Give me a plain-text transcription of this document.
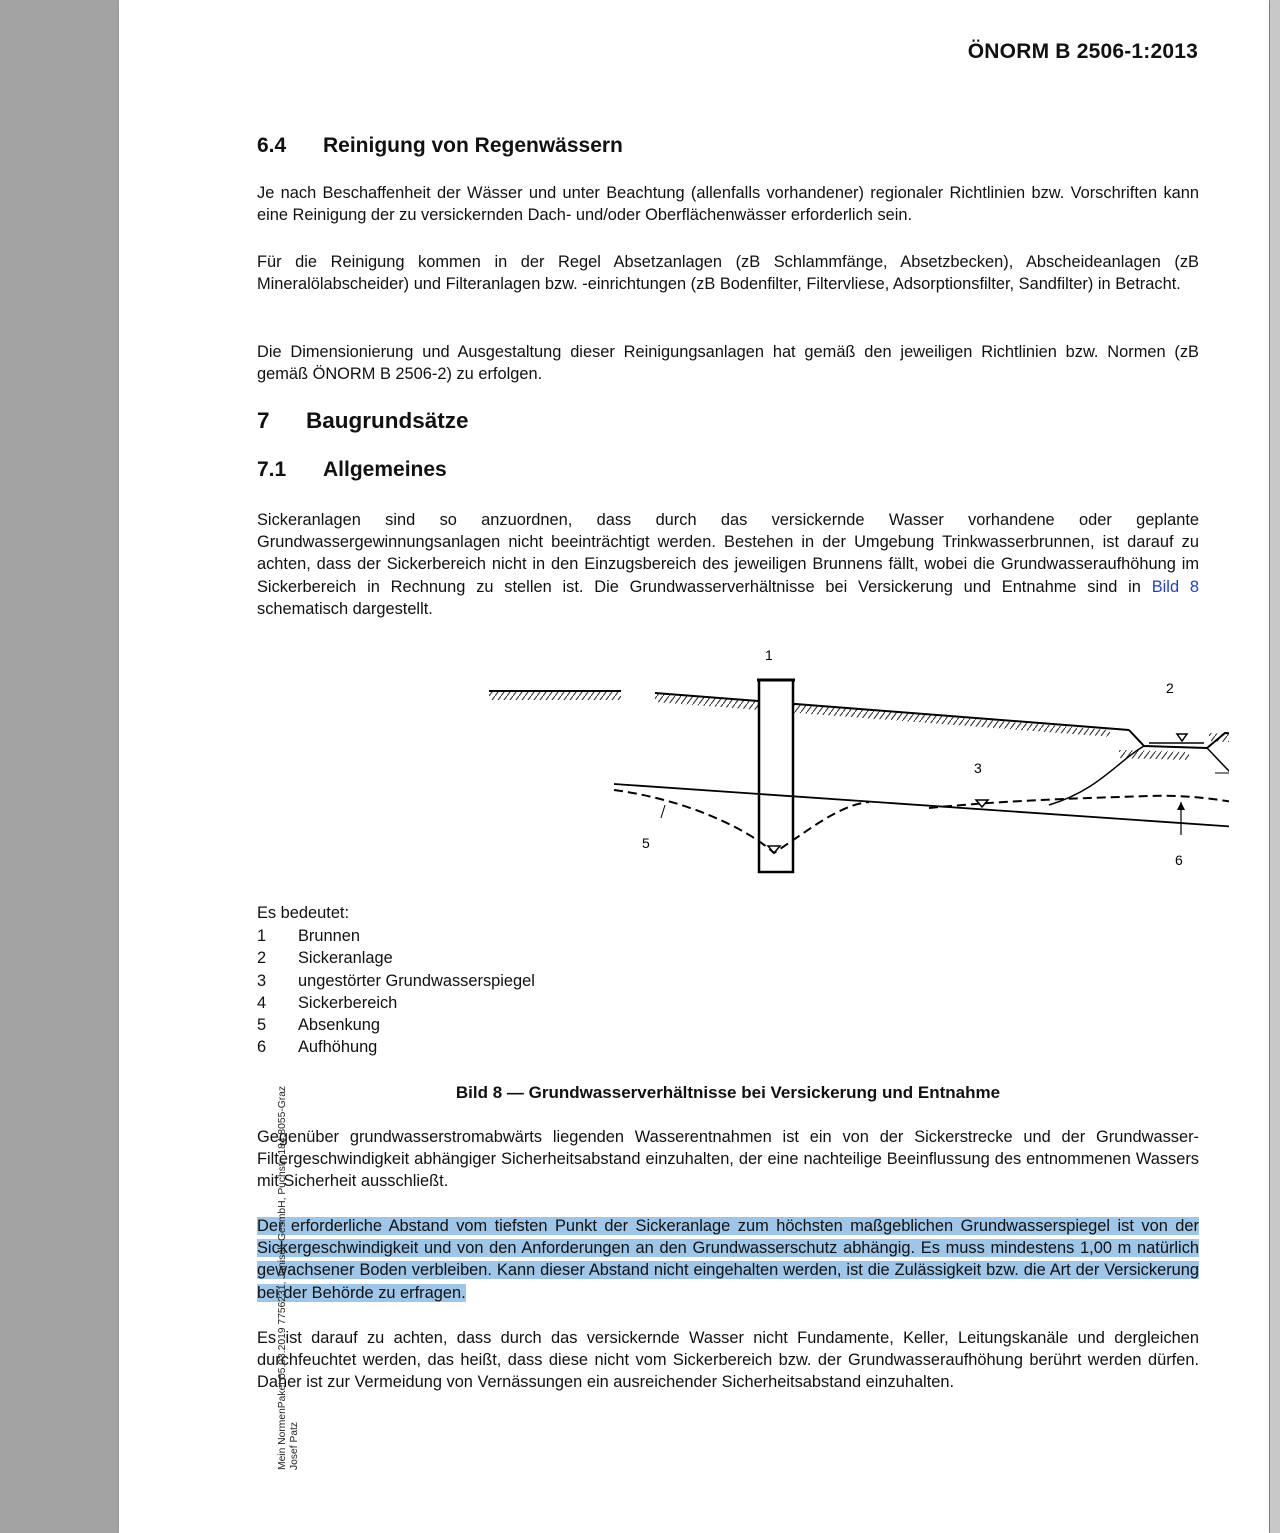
ÖNORM B 2506-1:2013
6.4 Reinigung von Regenwässern
Je nach Beschaffenheit der Wässer und unter Beachtung (allenfalls vorhandener) regionaler Richtlinien bzw. Vorschriften kann eine Reinigung der zu versickernden Dach- und/oder Oberflächenwässer erforderlich sein.
Für die Reinigung kommen in der Regel Absetzanlagen (zB Schlammfänge, Absetzbecken), Abscheideanlagen (zB Mineralölabscheider) und Filteranlagen bzw. -einrichtungen (zB Bodenfilter, Filtervliese, Adsorptionsfilter, Sandfilter) in Betracht.
Die Dimensionierung und Ausgestaltung dieser Reinigungsanlagen hat gemäß den jeweiligen Richtlinien bzw. Normen (zB gemäß ÖNORM B 2506-2) zu erfolgen.
7 Baugrundsätze
7.1 Allgemeines
Sickeranlagen sind so anzuordnen, dass durch das versickernde Wasser vorhandene oder geplante Grundwassergewinnungsanlagen nicht beeinträchtigt werden. Bestehen in der Umgebung Trinkwasserbrunnen, ist darauf zu achten, dass der Sickerbereich nicht in den Einzugsbereich des jeweiligen Brunnens fällt, wobei die Grundwasseraufhöhung im Sickerbereich in Rechnung zu stellen ist. Die Grundwasserverhältnisse bei Versickerung und Entnahme sind in Bild 8 schematisch dargestellt.
Es bedeutet:
1 Brunnen
2 Sickeranlage
3 ungestörter Grundwasserspiegel
4 Sickerbereich
5 Absenkung
6 Aufhöhung
Bild 8 — Grundwasserverhältnisse bei Versickerung und Entnahme
Gegenüber grundwasserstromabwärts liegenden Wasserentnahmen ist ein von der Sickerstrecke und der Grundwasser-Filtergeschwindigkeit abhängiger Sicherheitsabstand einzuhalten, der eine nachteilige Beeinflussung des entnommenen Wassers mit Sicherheit ausschließt.
Der erforderliche Abstand vom tiefsten Punkt der Sickeranlage zum höchsten maßgeblichen Grundwasserspiegel ist von der Sickergeschwindigkeit und von den Anforderungen an den Grundwasserschutz abhängig. Es muss mindestens 1,00 m natürlich gewachsener Boden verbleiben. Kann dieser Abstand nicht eingehalten werden, ist die Zulässigkeit bzw. die Art der Versickerung bei der Behörde zu erfragen.
Es ist darauf zu achten, dass durch das versickernde Wasser nicht Fundamente, Keller, Leitungskanäle und dergleichen durchfeuchtet werden, das heißt, dass diese nicht vom Sickerbereich bzw. der Grundwasseraufhöhung berührt werden dürfen. Daher ist zur Vermeidung von Vernässungen ein ausreichender Sicherheitsabstand einzuhalten.
1
2
3
5
6
Mein NormenPaket 05.03.2019 7756231, Janisch GesmbH, Puchstr. 184,8055-Graz Josef Patz
